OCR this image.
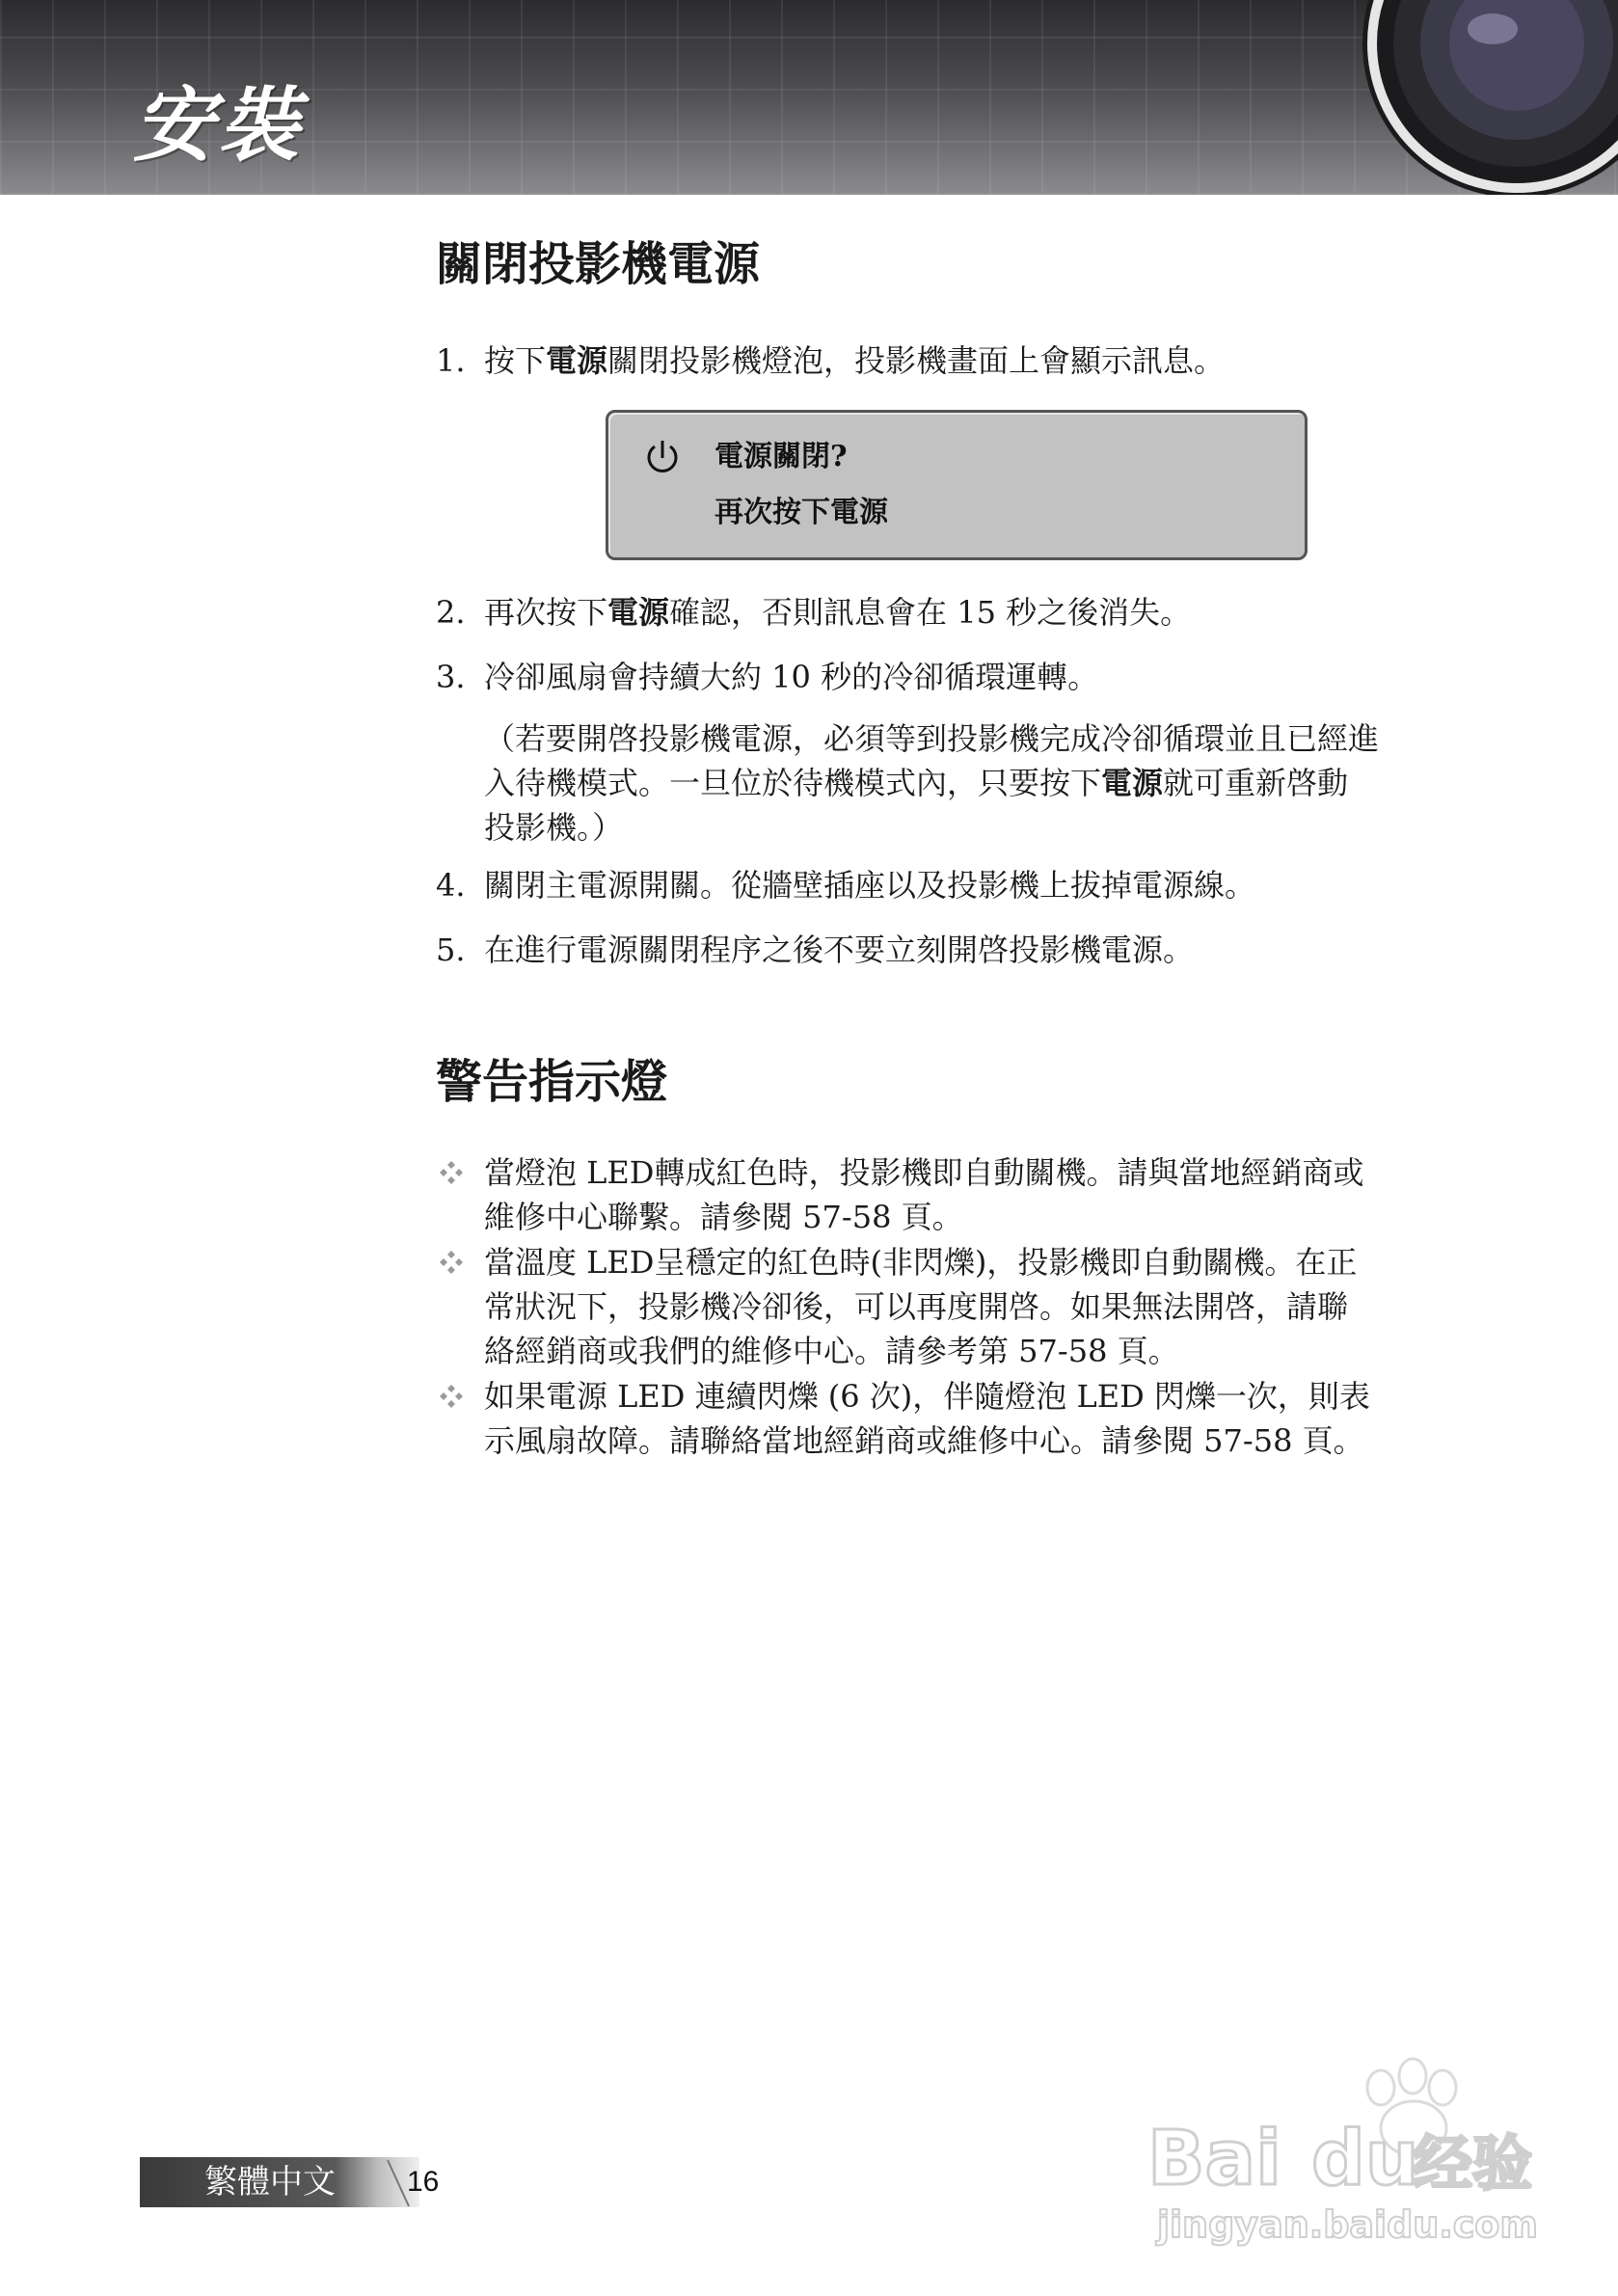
安裝
關閉投影機電源
1. 按下電源關閉投影機燈泡，投影機畫面上會顯示訊息。
電源關閉?
再次按下電源
2. 再次按下電源確認，否則訊息會在 15 秒之後消失。
3. 冷卻風扇會持續大約 10 秒的冷卻循環運轉。
（若要開啓投影機電源，必須等到投影機完成冷卻循環並且已經進
入待機模式。一旦位於待機模式內，只要按下電源就可重新啓動
投影機。）
4. 關閉主電源開關。從牆壁插座以及投影機上拔掉電源線。
5. 在進行電源關閉程序之後不要立刻開啓投影機電源。
警告指示燈
當燈泡 LED轉成紅色時，投影機即自動關機。請與當地經銷商或
維修中心聯繫。請參閱 57-58 頁。
當溫度 LED呈穩定的紅色時(非閃爍)，投影機即自動關機。在正
常狀況下，投影機冷卻後，可以再度開啓。如果無法開啓，請聯
絡經銷商或我們的維修中心。請參考第 57-58 頁。
如果電源 LED 連續閃爍 (6 次)，伴隨燈泡 LED 閃爍一次，則表
示風扇故障。請聯絡當地經銷商或維修中心。請參閱 57-58 頁。
繁體中文 16	Bai du
经验
jingyan.baidu.com
